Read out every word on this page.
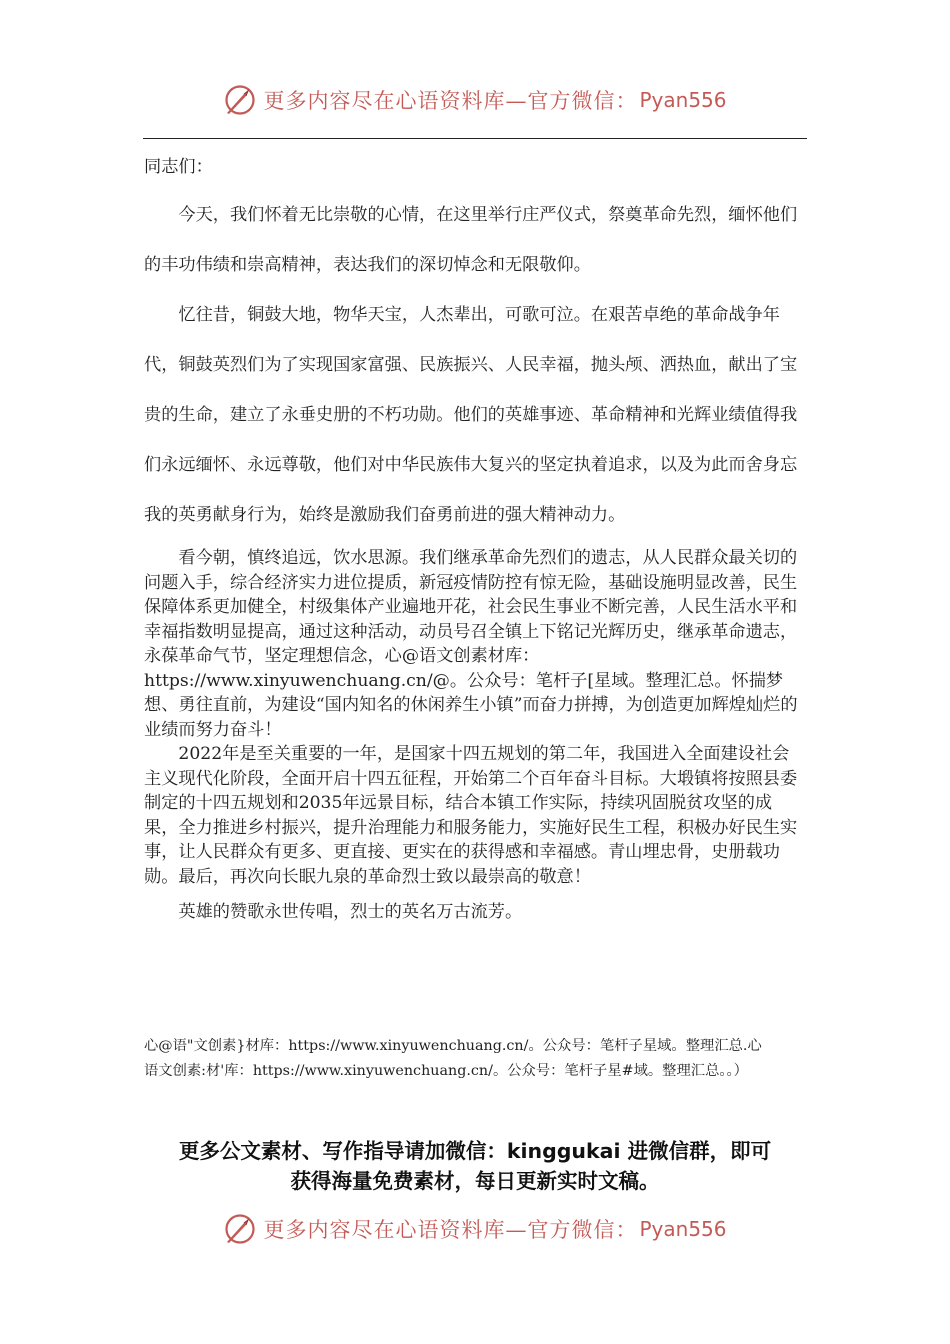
更多内容尽在心语资料库—官方微信： Pyan556

同志们：

今天，我们怀着无比崇敬的心情，在这里举行庄严仪式，祭奠革命先烈，缅怀他们的丰功伟绩和崇高精神，表达我们的深切悼念和无限敬仰。

忆往昔，铜鼓大地，物华天宝，人杰辈出，可歌可泣。在艰苦卓绝的革命战争年代，铜鼓英烈们为了实现国家富强、民族振兴、人民幸福，抛头颅、洒热血，献出了宝贵的生命，建立了永垂史册的不朽功勋。他们的英雄事迹、革命精神和光辉业绩值得我们永远缅怀、永远尊敬，他们对中华民族伟大复兴的坚定执着追求，以及为此而舍身忘我的英勇献身行为，始终是激励我们奋勇前进的强大精神动力。

看今朝，慎终追远，饮水思源。我们继承革命先烈们的遗志，从人民群众最关切的问题入手，综合经济实力进位提质，新冠疫情防控有惊无险，基础设施明显改善，民生保障体系更加健全，村级集体产业遍地开花，社会民生事业不断完善，人民生活水平和幸福指数明显提高，通过这种活动，动员号召全镇上下铭记光辉历史，继承革命遗志，永葆革命气节，坚定理想信念，心@语文创素材库：https://www.xinyuwenchuang.cn/@。公众号：笔杆子[星域。整理汇总。怀揣梦想、勇往直前，为建设“国内知名的休闲养生小镇”而奋力拼搏，为创造更加辉煌灿烂的业绩而努力奋斗！

2022年是至关重要的一年，是国家十四五规划的第二年，我国进入全面建设社会主义现代化阶段，全面开启十四五征程，开始第二个百年奋斗目标。大塅镇将按照县委制定的十四五规划和2035年远景目标，结合本镇工作实际，持续巩固脱贫攻坚的成果，全力推进乡村振兴，提升治理能力和服务能力，实施好民生工程，积极办好民生实事，让人民群众有更多、更直接、更实在的获得感和幸福感。青山埋忠骨，史册载功勋。最后，再次向长眠九泉的革命烈士致以最崇高的敬意！

英雄的赞歌永世传唱，烈士的英名万古流芳。

心@语"文创素}材库：https://www.xinyuwenchuang.cn/。公众号：笔杆子星域。整理汇总.心

语文创素:材'库：https://www.xinyuwenchuang.cn/。公众号：笔杆子星#域。整理汇总。。）

更多公文素材、写作指导请加微信：kinggukai 进微信群，即可
获得海量免费素材，每日更新实时文稿。
更多内容尽在心语资料库—官方微信： Pyan556
